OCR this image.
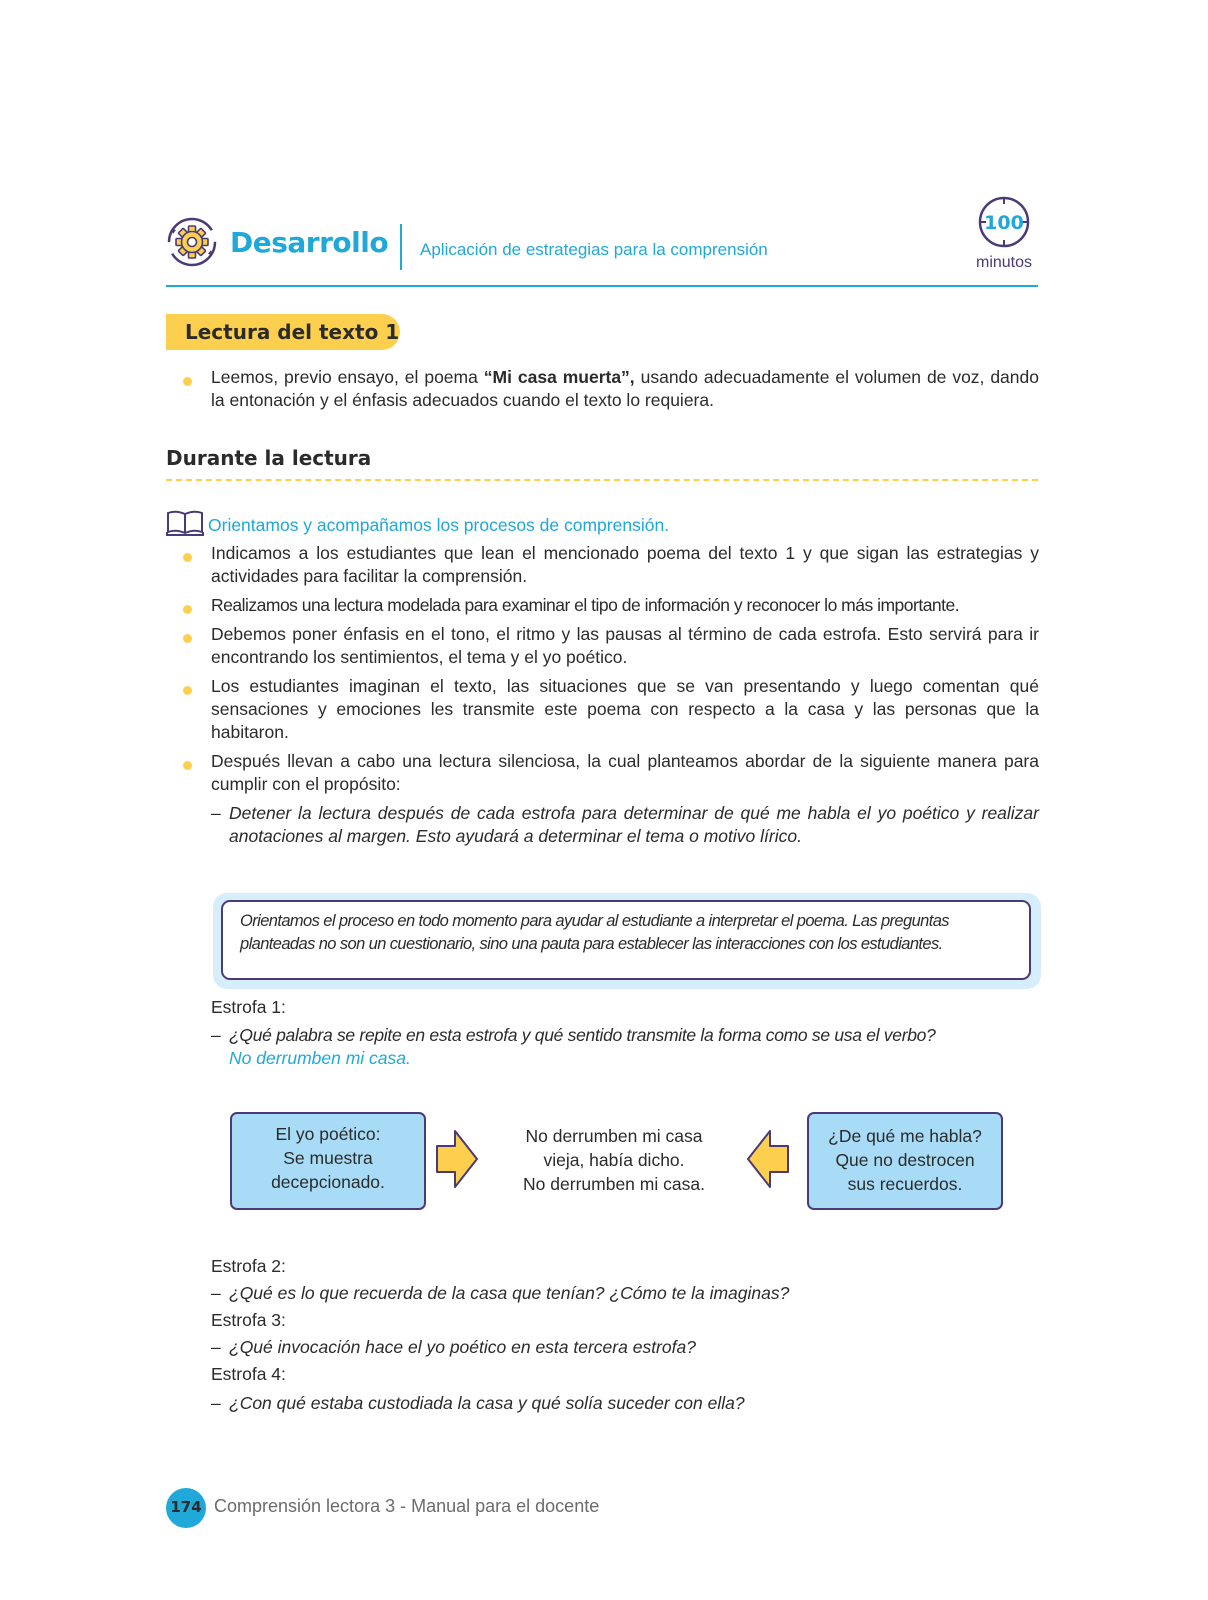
Desarrollo Aplicación de estrategias para la comprensión
100
minutos
Lectura del texto 1
Leemos, previo ensayo, el poema “Mi casa muerta”, usando adecuadamente el volumen de voz, dando la entonación y el énfasis adecuados cuando el texto lo requiera.
Durante la lectura
Orientamos y acompañamos los procesos de comprensión.
Indicamos a los estudiantes que lean el mencionado poema del texto 1 y que sigan las estrategias y actividades para facilitar la comprensión.
Realizamos una lectura modelada para examinar el tipo de información y reconocer lo más importante.
Debemos poner énfasis en el tono, el ritmo y las pausas al término de cada estrofa. Esto servirá para ir encontrando los sentimientos, el tema y el yo poético.
Los estudiantes imaginan el texto, las situaciones que se van presentando y luego comentan qué sensaciones y emociones les transmite este poema con respecto a la casa y las personas que la habitaron.
Después llevan a cabo una lectura silenciosa, la cual planteamos abordar de la siguiente manera para cumplir con el propósito:
– Detener la lectura después de cada estrofa para determinar de qué me habla el yo poético y realizar anotaciones al margen. Esto ayudará a determinar el tema o motivo lírico.
Orientamos el proceso en todo momento para ayudar al estudiante a interpretar el poema. Las preguntas planteadas no son un cuestionario, sino una pauta para establecer las interacciones con los estudiantes.
Estrofa 1:
– ¿Qué palabra se repite en esta estrofa y qué sentido transmite la forma como se usa el verbo?
No derrumben mi casa.
El yo poético:
Se muestra
decepcionado.
No derrumben mi casa
vieja, había dicho.
No derrumben mi casa.
¿De qué me habla?
Que no destrocen
sus recuerdos.
Estrofa 2:
– ¿Qué es lo que recuerda de la casa que tenían? ¿Cómo te la imaginas?
Estrofa 3:
– ¿Qué invocación hace el yo poético en esta tercera estrofa?
Estrofa 4:
– ¿Con qué estaba custodiada la casa y qué solía suceder con ella?
174 Comprensión lectora 3 - Manual para el docente
